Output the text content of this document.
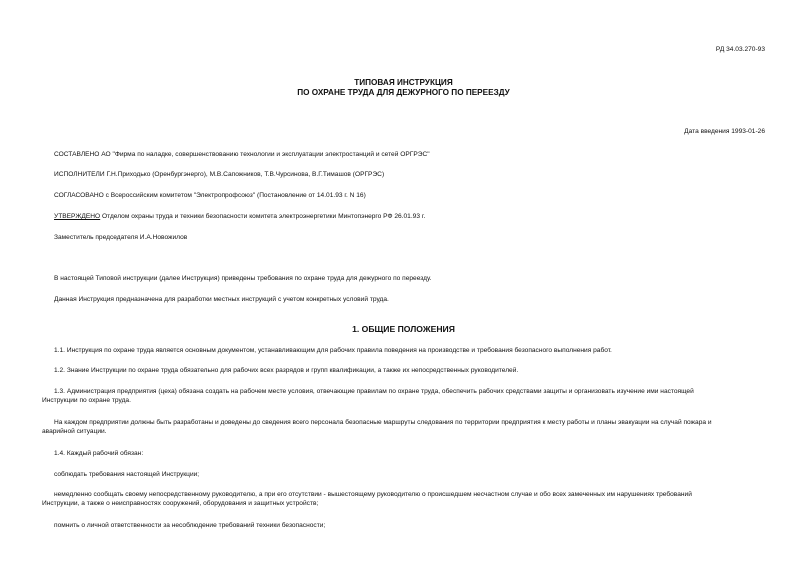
РД 34.03.270-93
ТИПОВАЯ ИНСТРУКЦИЯ
ПО ОХРАНЕ ТРУДА ДЛЯ ДЕЖУРНОГО ПО ПЕРЕЕЗДУ
Дата введения 1993-01-26
СОСТАВЛЕНО АО "Фирма по наладке, совершенствованию технологии и эксплуатации электростанций и сетей ОРГРЭС"
ИСПОЛНИТЕЛИ Г.Н.Приходько (Оренбургэнерго), М.В.Сапожников, Т.В.Чурсинова, В.Г.Тимашов (ОРГРЭС)
СОГЛАСОВАНО с Всероссийским комитетом "Электропрофсоюз" (Постановление от 14.01.93 г. N 16)
УТВЕРЖДЕНО Отделом охраны труда и техники безопасности комитета электроэнергетики Минтопэнерго РФ 26.01.93 г.
Заместитель председателя И.А.Новожилов
В настоящей Типовой инструкции (далее Инструкция) приведены требования по охране труда для дежурного по переезду.
Данная Инструкция предназначена для разработки местных инструкций с учетом конкретных условий труда.
1. ОБЩИЕ ПОЛОЖЕНИЯ
1.1. Инструкция по охране труда является основным документом, устанавливающим для рабочих правила поведения на производстве и требования безопасного выполнения работ.
1.2. Знание Инструкции по охране труда обязательно для рабочих всех разрядов и групп квалификации, а также их непосредственных руководителей.
1.3. Администрация предприятия (цеха) обязана создать на рабочем месте условия, отвечающие правилам по охране труда, обеспечить рабочих средствами защиты и организовать изучение ими настоящей
Инструкции по охране труда.
На каждом предприятии должны быть разработаны и доведены до сведения всего персонала безопасные маршруты следования по территории предприятия к месту работы и планы эвакуации на случай пожара и
аварийной ситуации.
1.4. Каждый рабочий обязан:
соблюдать требования настоящей Инструкции;
немедленно сообщать своему непосредственному руководителю, а при его отсутствии - вышестоящему руководителю о происшедшем несчастном случае и обо всех замеченных им нарушениях требований
Инструкции, а также о неисправностях сооружений, оборудования и защитных устройств;
помнить о личной ответственности за несоблюдение требований техники безопасности;
